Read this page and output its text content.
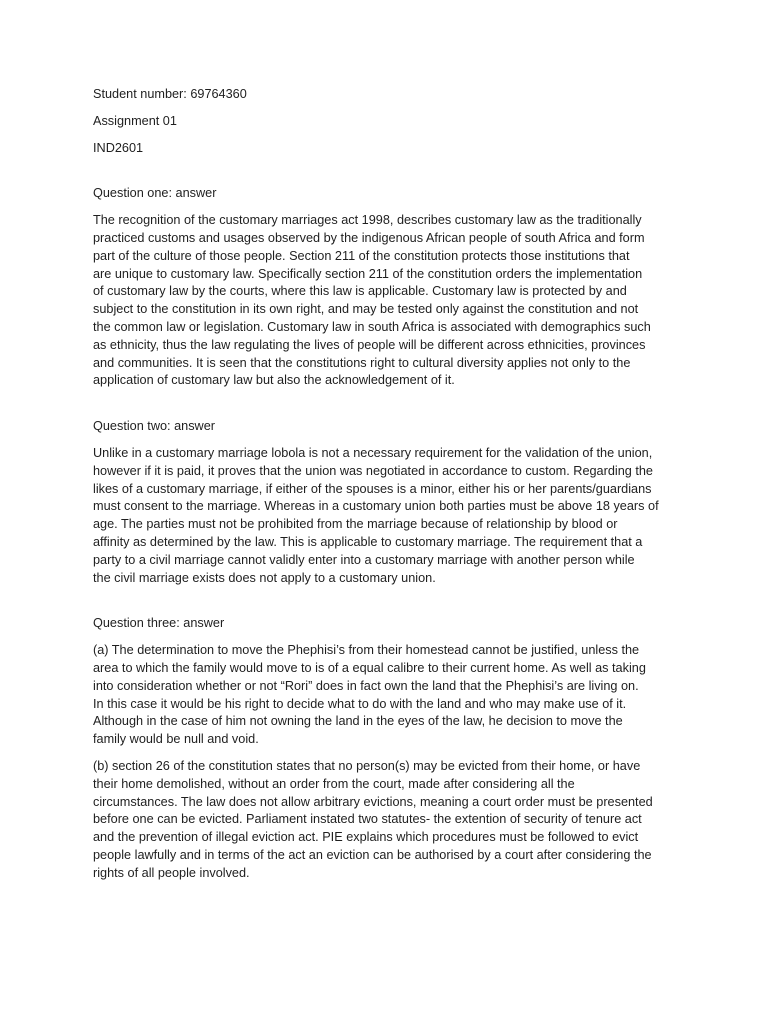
Student number: 69764360

Assignment 01

IND2601

Question one: answer

The recognition of the customary marriages act 1998, describes customary law as the traditionally

practiced customs and usages observed by the indigenous African people of south Africa and form

part of the culture of those people. Section 211 of the constitution protects those institutions that

are unique to customary law. Specifically section 211 of the constitution orders the implementation

of customary law by the courts, where this law is applicable. Customary law is protected by and

subject to the constitution in its own right, and may be tested only against the constitution and not

the common law or legislation. Customary law in south Africa is associated with demographics such

as ethnicity, thus the law regulating the lives of people will be different across ethnicities, provinces

and communities. It is seen that the constitutions right to cultural diversity applies not only to the

application of customary law but also the acknowledgement of it.

Question two: answer

Unlike in a customary marriage lobola is not a necessary requirement for the validation of the union,

however if it is paid, it proves that the union was negotiated in accordance to custom. Regarding the

likes of a customary marriage, if either of the spouses is a minor, either his or her parents/guardians

must consent to the marriage. Whereas in a customary union both parties must be above 18 years of

age. The parties must not be prohibited from the marriage because of relationship by blood or

affinity as determined by the law. This is applicable to customary marriage. The requirement that a

party to a civil marriage cannot validly enter into a customary marriage with another person while

the civil marriage exists does not apply to a customary union.

Question three: answer

(a) The determination to move the Phephisi’s from their homestead cannot be justified, unless the

area to which the family would move to is of a equal calibre to their current home. As well as taking

into consideration whether or not “Rori” does in fact own the land that the Phephisi’s are living on.

In this case it would be his right to decide what to do with the land and who may make use of it.

Although in the case of him not owning the land in the eyes of the law, he decision to move the

family would be null and void.

(b) section 26 of the constitution states that no person(s) may be evicted from their home, or have

their home demolished, without an order from the court, made after considering all the

circumstances. The law does not allow arbitrary evictions, meaning a court order must be presented

before one can be evicted. Parliament instated two statutes- the extention of security of tenure act

and the prevention of illegal eviction act. PIE explains which procedures must be followed to evict

people lawfully and in terms of the act an eviction can be authorised by a court after considering the

rights of all people involved.
